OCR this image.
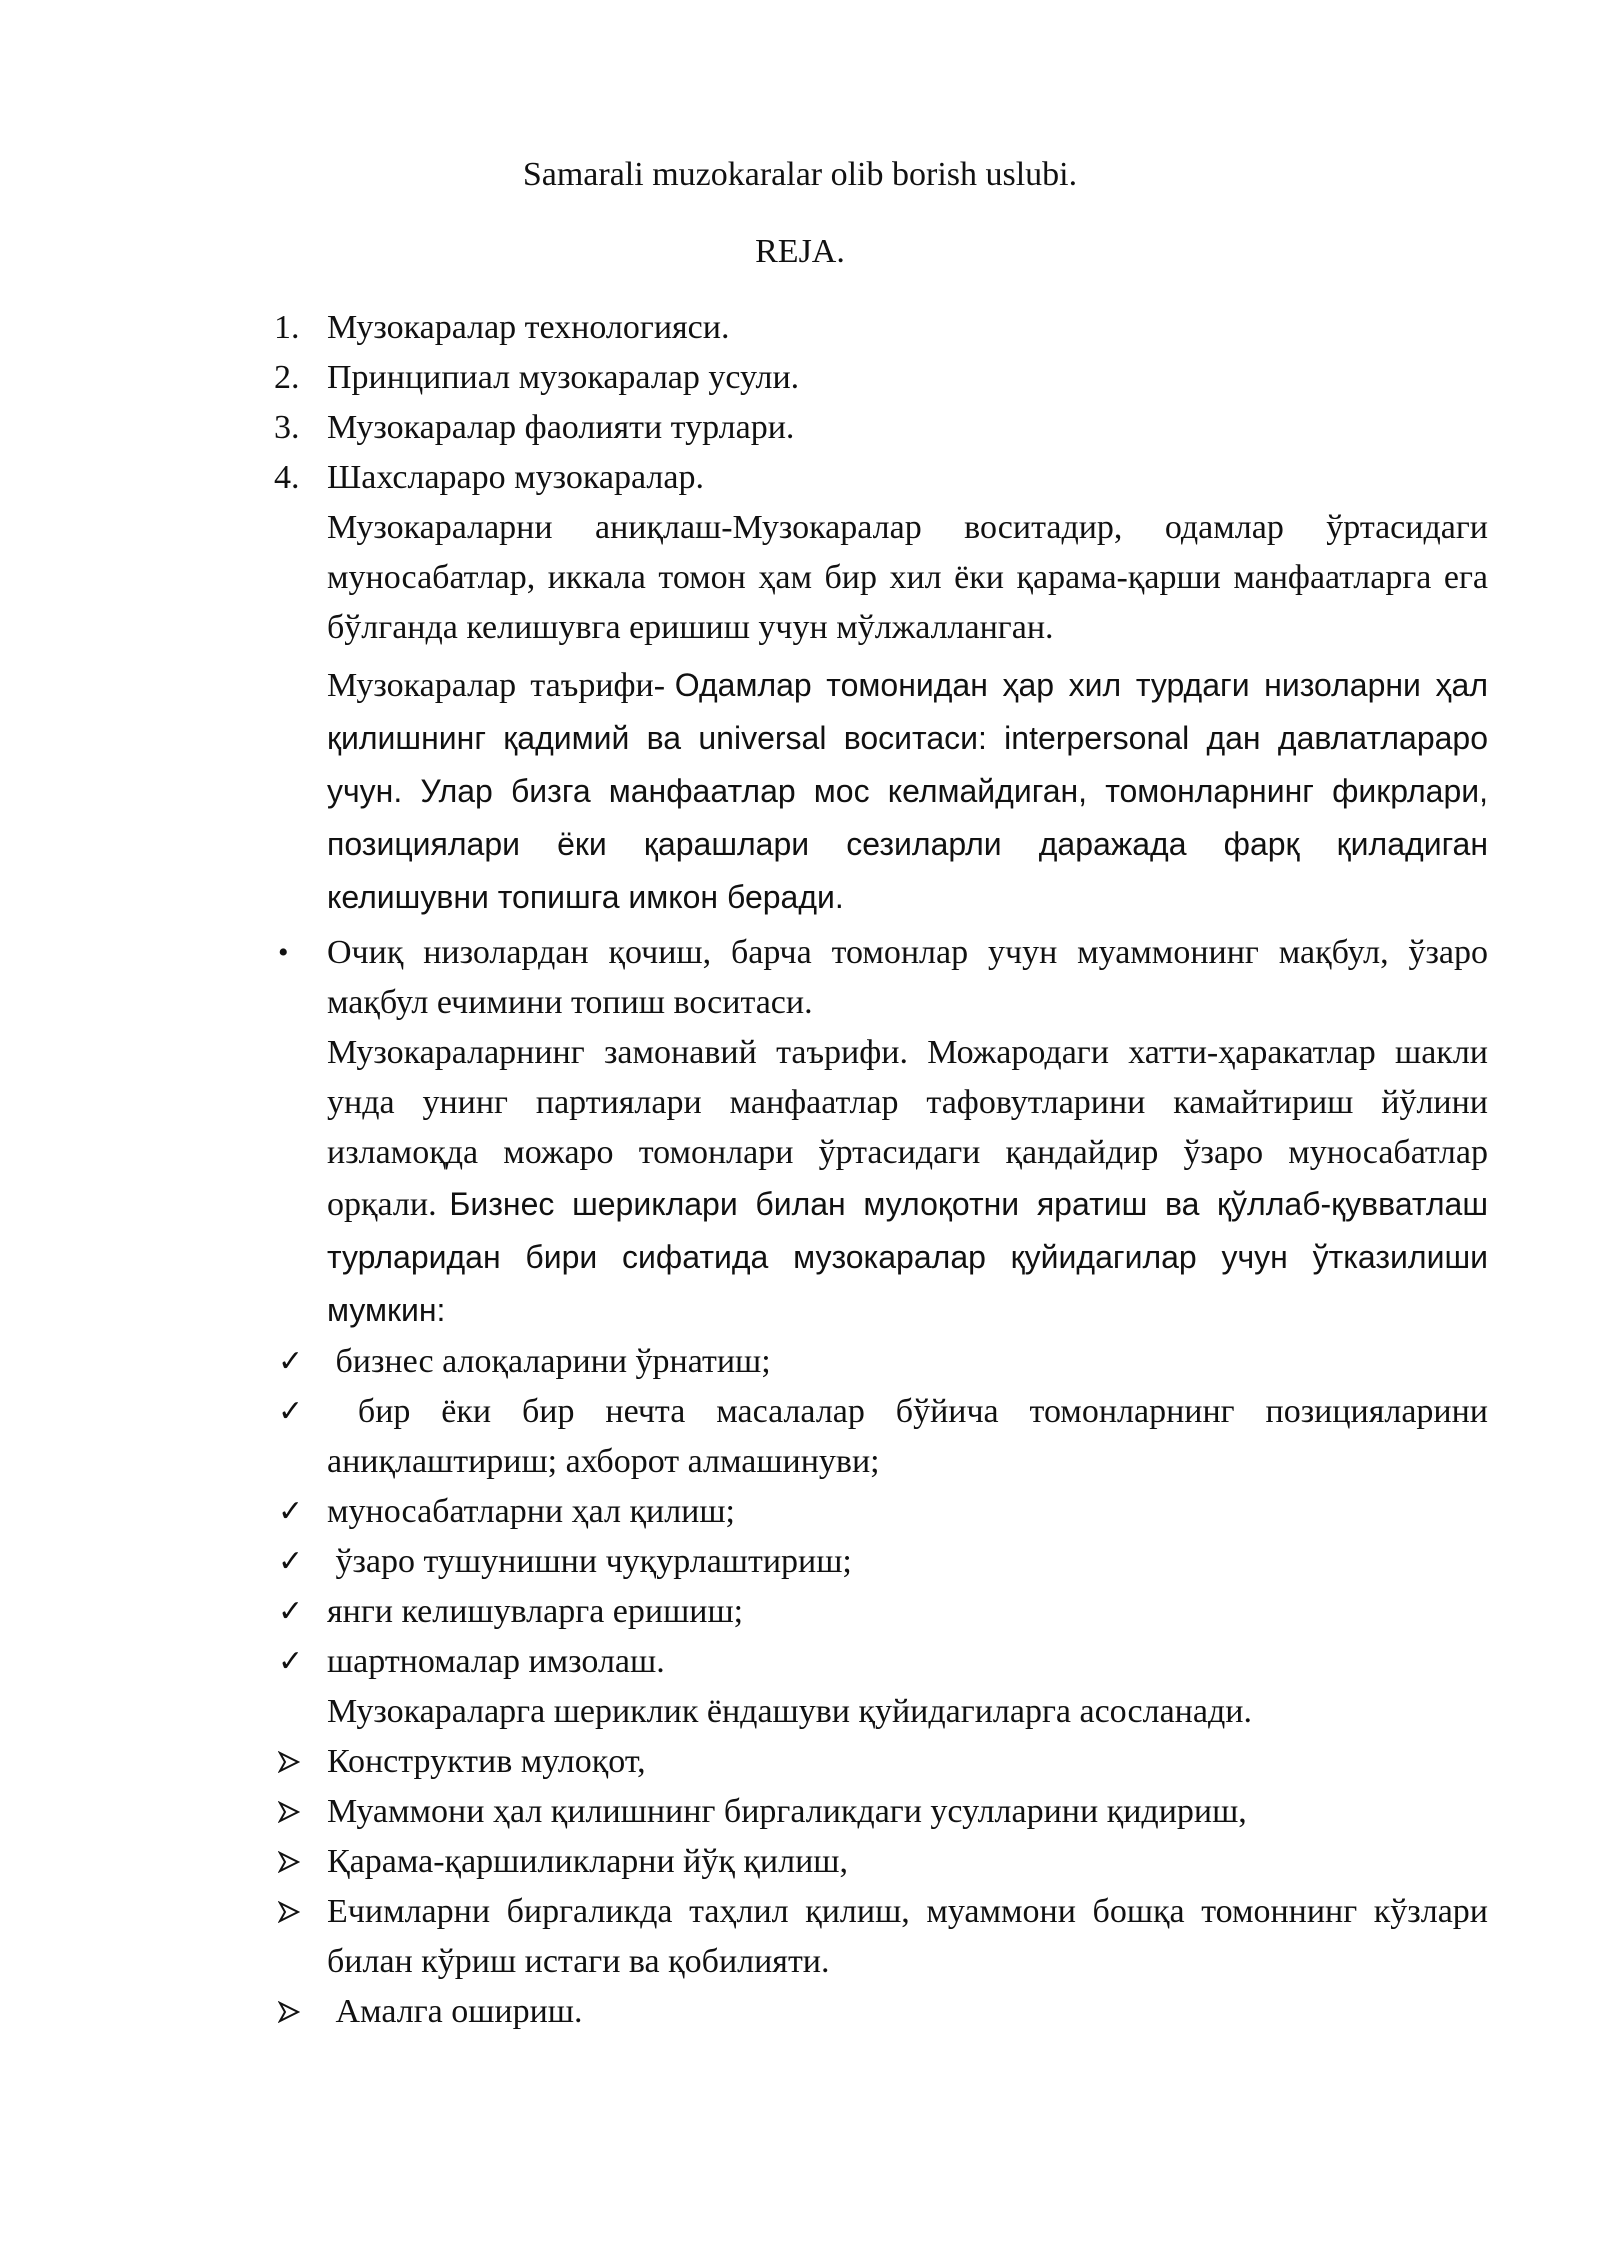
Samarali muzokaralar olib borish uslubi.
REJA.
1. Музокаралар технологияси.
2. Принципиал музокаралар усули.
3. Музокаралар фаолияти турлари.
4. Шахслараро музокаралар.
Музокараларни аниқлаш-Музокаралар воситадир, одамлар ўртасидаги муносабатлар, иккала томон ҳам бир хил ёки қарама-қарши манфаатларга ега бўлганда келишувга еришиш учун мўлжалланган.
Музокаралар таърифи- Одамлар томонидан ҳар хил турдаги низоларни ҳал қилишнинг қадимий ва universal воситаси: interpersonal дан давлатлараро учун. Улар бизга манфаатлар мос келмайдиган, томонларнинг фикрлари, позициялари ёки қарашлари сезиларли даражада фарқ қиладиган келишувни топишга имкон беради.
•	Очиқ низолардан қочиш, барча томонлар учун муаммонинг мақбул, ўзаро мақбул ечимини топиш воситаси.
Музокараларнинг замонавий таърифи. Можародаги хатти-ҳаракатлар шакли унда унинг партиялари манфаатлар тафовутларини камайтириш йўлини изламоқда можаро томонлари ўртасидаги қандайдир ўзаро муносабатлар орқали. Бизнес шериклари билан мулоқотни яратиш ва қўллаб-қувватлаш турларидан бири сифатида музокаралар қуйидагилар учун ўтказилиши мумкин:
✓ бизнес алоқаларини ўрнатиш;
✓ бир ёки бир нечта масалалар бўйича томонларнинг позицияларини аниқлаштириш; ахборот алмашинуви;
✓ муносабатларни ҳал қилиш;
✓ ўзаро тушунишни чуқурлаштириш;
✓ янги келишувларга еришиш;
✓ шартномалар имзолаш.
Музокараларга шериклик ёндашуви қуйидагиларга асосланади.
Конструктив мулоқот,
Муаммони ҳал қилишнинг биргаликдаги усулларини қидириш,
Қарама-қаршиликларни йўқ қилиш,
Ечимларни биргаликда таҳлил қилиш, муаммони бошқа томоннинг кўзлари билан кўриш истаги ва қобилияти.
Амалга ошириш.
